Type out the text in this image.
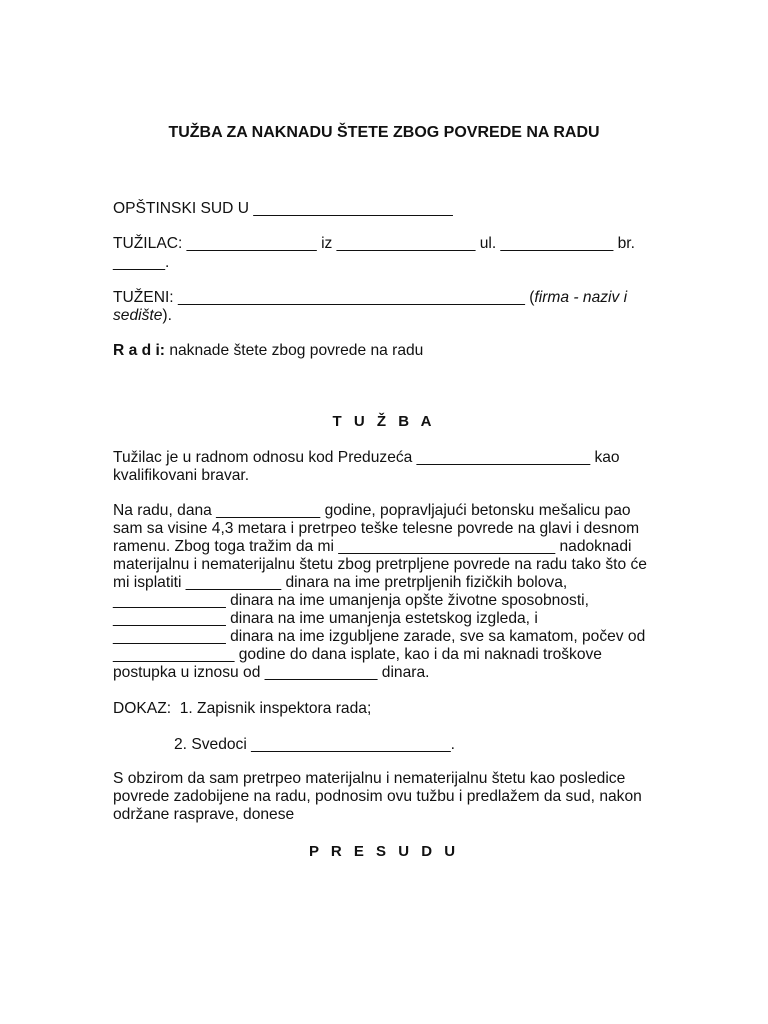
TUŽBA ZA NAKNADU ŠTETE ZBOG POVREDE NA RADU
OPŠTINSKI SUD U _______________________
TUŽILAC: _______________ iz ________________ ul. _____________ br.
______.
TUŽENI: ________________________________________ (firma - naziv i
sedište).
R a d i: naknade štete zbog povrede na radu
T U Ž B A
Tužilac je u radnom odnosu kod Preduzeća ____________________ kao
kvalifikovani bravar.
Na radu, dana ____________ godine, popravljajući betonsku mešalicu pao
sam sa visine 4,3 metara i pretrpeo teške telesne povrede na glavi i desnom
ramenu. Zbog toga tražim da mi _________________________ nadoknadi
materijalnu i nematerijalnu štetu zbog pretrpljene povrede na radu tako što će
mi isplatiti ___________ dinara na ime pretrpljenih fizičkih bolova,
_____________ dinara na ime umanjenja opšte životne sposobnosti,
_____________ dinara na ime umanjenja estetskog izgleda, i
_____________ dinara na ime izgubljene zarade, sve sa kamatom, počev od
______________ godine do dana isplate, kao i da mi naknadi troškove
postupka u iznosu od _____________ dinara.
DOKAZ:  1. Zapisnik inspektora rada;
2. Svedoci _______________________.
S obzirom da sam pretrpeo materijalnu i nematerijalnu štetu kao posledice
povrede zadobijene na radu, podnosim ovu tužbu i predlažem da sud, nakon
održane rasprave, donese
P R E S U D U
